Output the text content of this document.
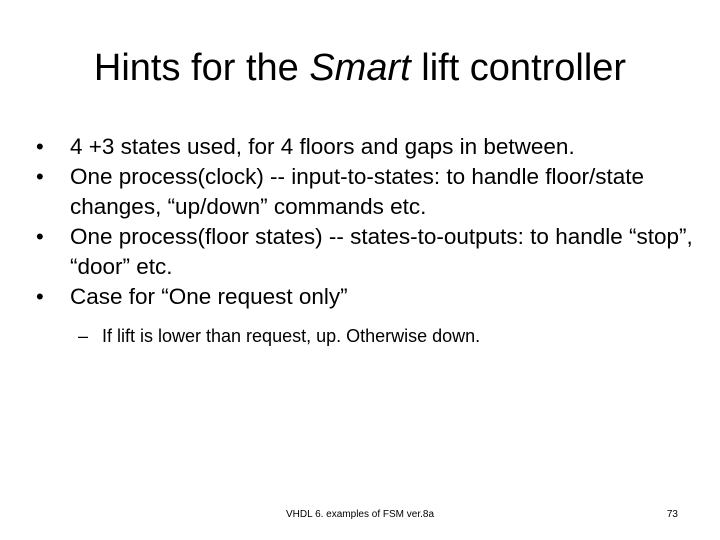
Hints for the Smart lift controller
•	4 +3 states used, for 4 floors and gaps in between.
•	One process(clock) -- input-to-states: to handle floor/state changes, “up/down” commands etc.
•	One process(floor states) -- states-to-outputs: to handle “stop”, “door” etc.
•	Case for “One request only”
– If lift is lower than request, up. Otherwise down.
VHDL 6. examples of FSM ver.8a	73
